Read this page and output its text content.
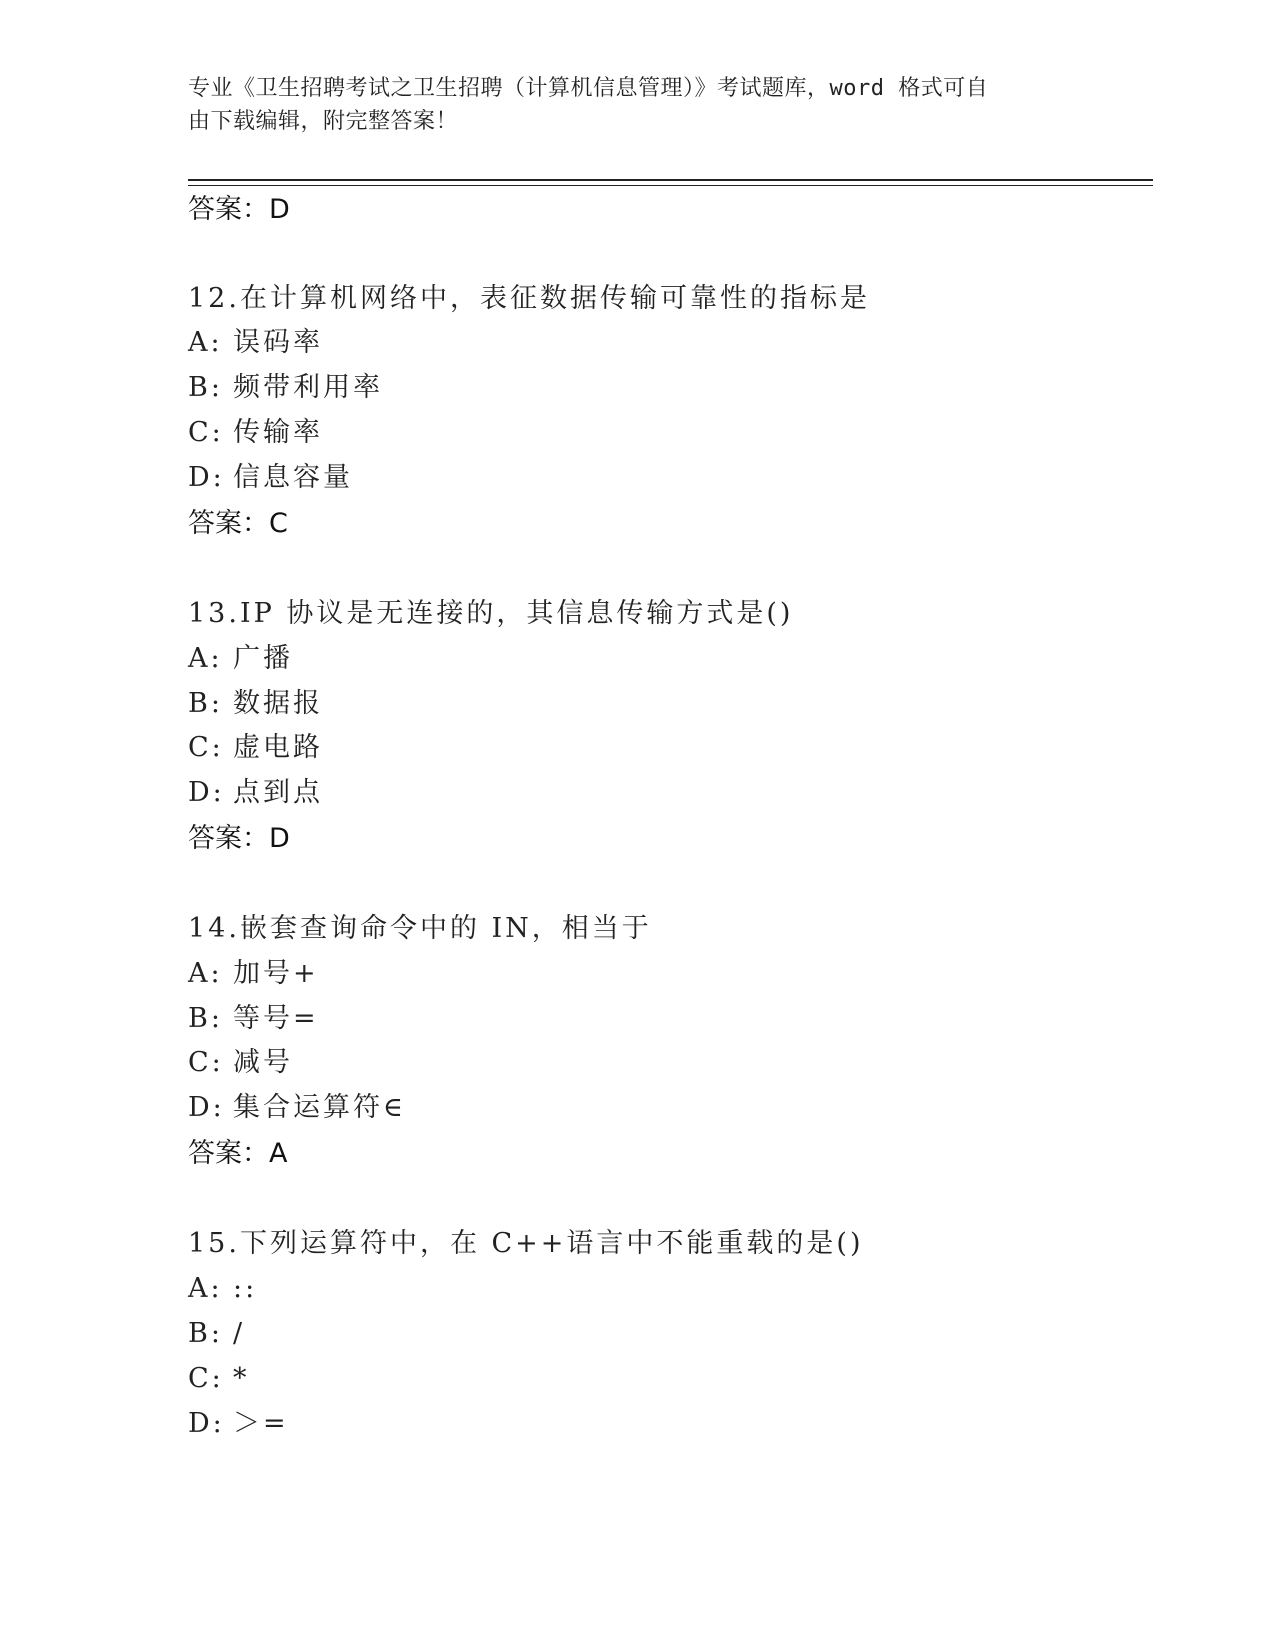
专业《卫生招聘考试之卫生招聘（计算机信息管理）》考试题库，word 格式可自
由下载编辑，附完整答案！
答案：D
12.在计算机网络中，表征数据传输可靠性的指标是
A: 误码率
B: 频带利用率
C: 传输率
D: 信息容量
答案：C
13.IP 协议是无连接的，其信息传输方式是()
A: 广播
B: 数据报
C: 虚电路
D: 点到点
答案：D
14.嵌套查询命令中的 IN，相当于
A: 加号+
B: 等号=
C: 减号
D: 集合运算符∈
答案：A
15.下列运算符中，在 C++语言中不能重载的是()
A: ::
B: /
C: *
D: ＞=
